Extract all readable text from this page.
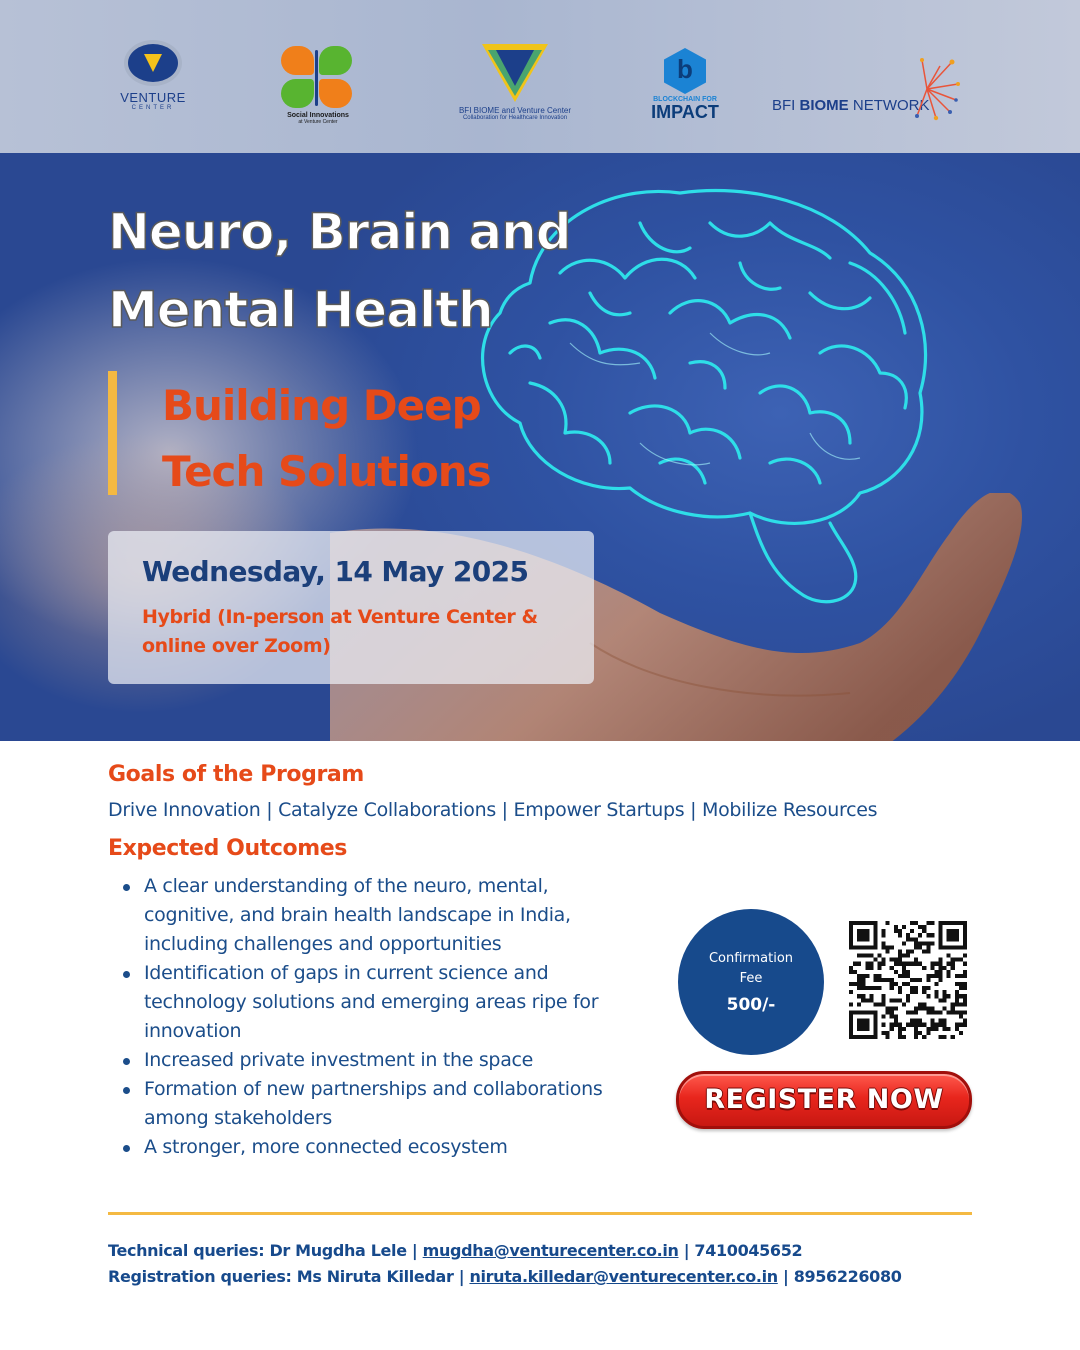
VENTURE
CENTER
Social Innovations
at Venture Center
BFI BIOME and Venture Center
Collaboration for Healthcare Innovation
b
BLOCKCHAIN FOR
IMPACT	BFI BIOME NETWORK
Neuro, Brain and Mental Health
Building Deep Tech Solutions
Wednesday, 14 May 2025
Hybrid (In-person at Venture Center & online over Zoom)
Goals of the Program
Drive Innovation | Catalyze Collaborations | Empower Startups | Mobilize Resources
Expected Outcomes
A clear understanding of the neuro, mental, cognitive, and brain health landscape in India, including challenges and opportunities
Identification of gaps in current science and technology solutions and emerging areas ripe for innovation
Increased private investment in the space
Formation of new partnerships and collaborations among stakeholders
A stronger, more connected ecosystem
Confirmation Fee
500/-
REGISTER NOW
Technical queries: Dr Mugdha Lele | mugdha@venturecenter.co.in | 7410045652
Registration queries: Ms Niruta Killedar | niruta.killedar@venturecenter.co.in | 8956226080
